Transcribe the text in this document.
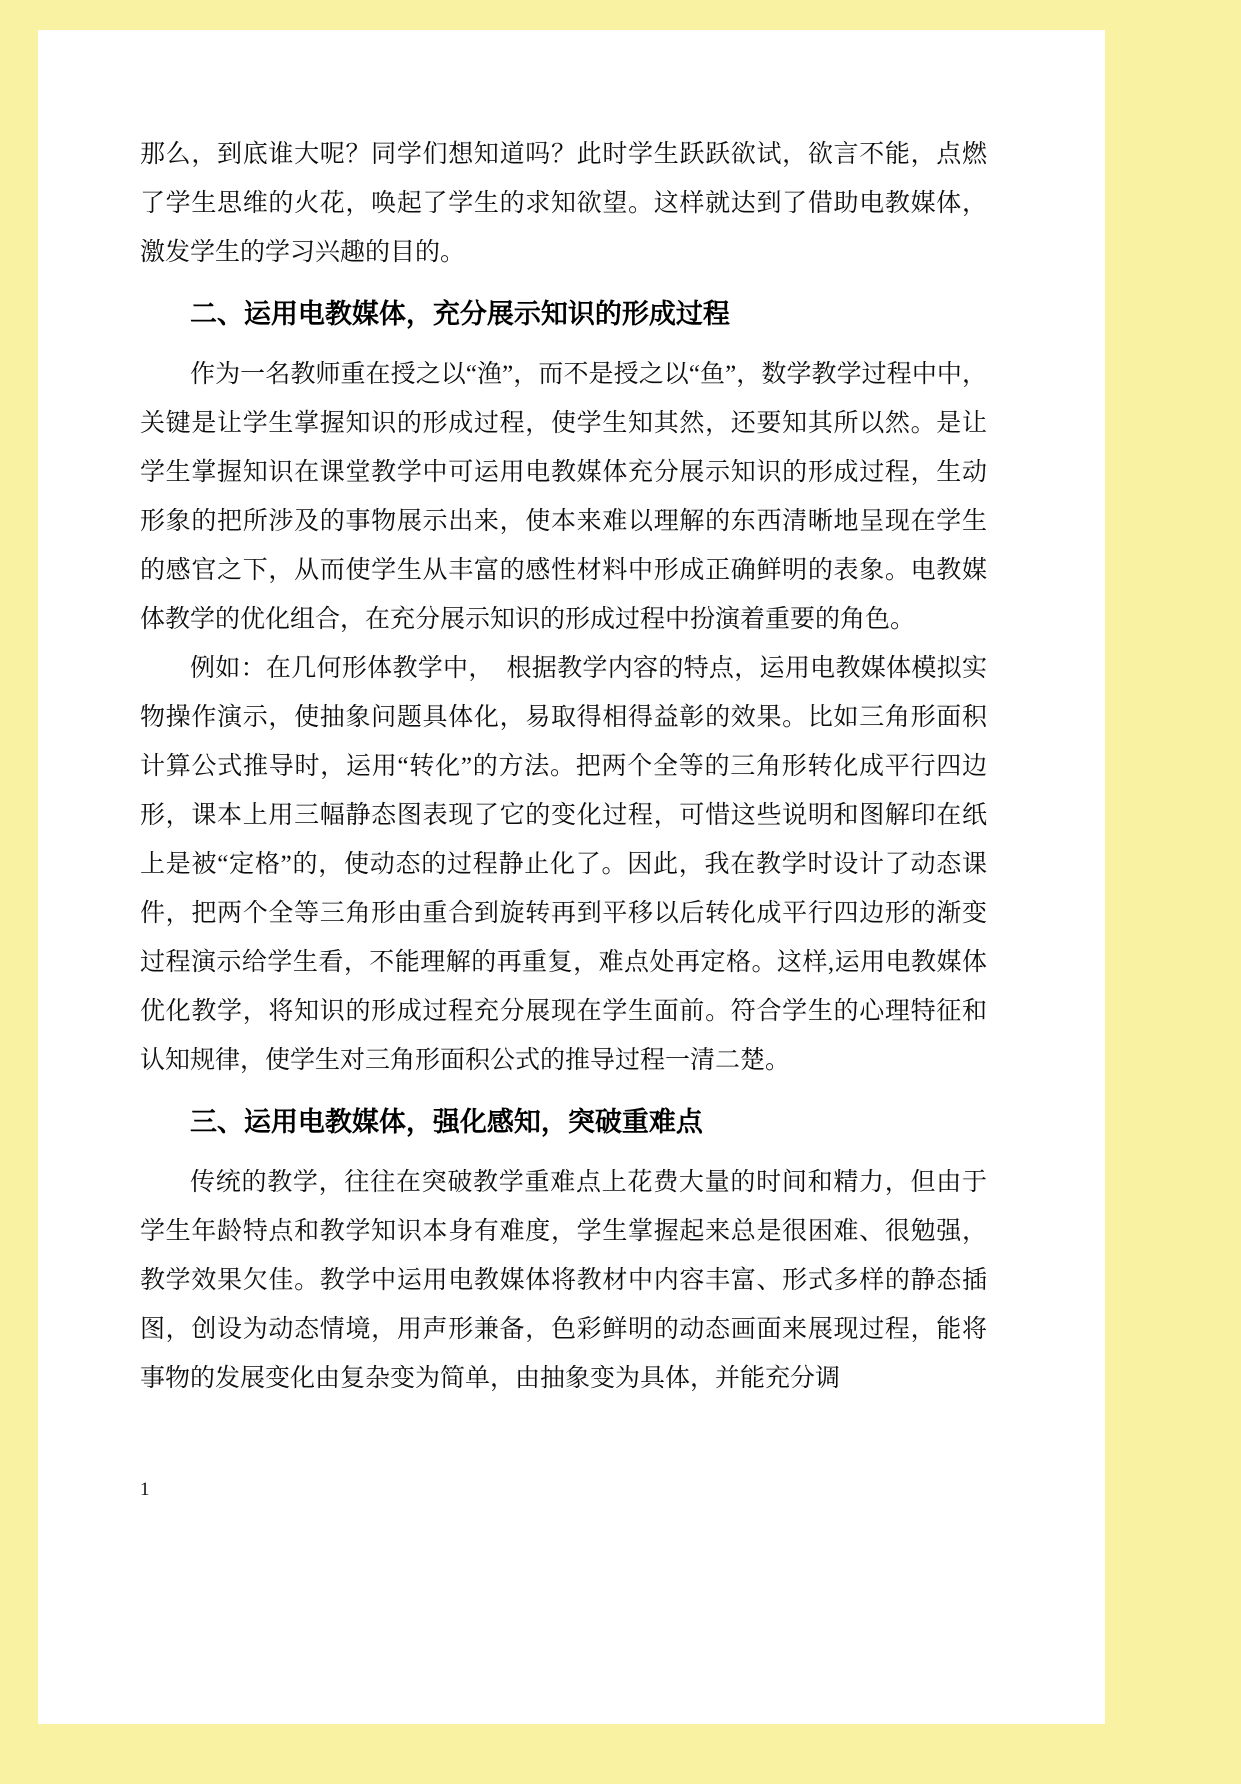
那么，到底谁大呢？同学们想知道吗？此时学生跃跃欲试，欲言不能，点燃了学生思维的火花，唤起了学生的求知欲望。这样就达到了借助电教媒体，激发学生的学习兴趣的目的。

二、运用电教媒体，充分展示知识的形成过程

作为一名教师重在授之以“渔”，而不是授之以“鱼”，数学教学过程中中，关键是让学生掌握知识的形成过程，使学生知其然，还要知其所以然。是让学生掌握知识在课堂教学中可运用电教媒体充分展示知识的形成过程，生动形象的把所涉及的事物展示出来，使本来难以理解的东西清晰地呈现在学生的感官之下，从而使学生从丰富的感性材料中形成正确鲜明的表象。电教媒体教学的优化组合，在充分展示知识的形成过程中扮演着重要的角色。

例如：在几何形体教学中，　根据教学内容的特点，运用电教媒体模拟实物操作演示，使抽象问题具体化，易取得相得益彰的效果。比如三角形面积计算公式推导时，运用“转化”的方法。把两个全等的三角形转化成平行四边形，课本上用三幅静态图表现了它的变化过程，可惜这些说明和图解印在纸上是被“定格”的，使动态的过程静止化了。因此，我在教学时设计了动态课件，把两个全等三角形由重合到旋转再到平移以后转化成平行四边形的渐变过程演示给学生看，不能理解的再重复，难点处再定格。这样,运用电教媒体优化教学，将知识的形成过程充分展现在学生面前。符合学生的心理特征和认知规律，使学生对三角形面积公式的推导过程一清二楚。

三、运用电教媒体，强化感知，突破重难点

传统的教学，往往在突破教学重难点上花费大量的时间和精力，但由于学生年龄特点和教学知识本身有难度，学生掌握起来总是很困难、很勉强，教学效果欠佳。教学中运用电教媒体将教材中内容丰富、形式多样的静态插图，创设为动态情境，用声形兼备，色彩鲜明的动态画面来展现过程，能将事物的发展变化由复杂变为简单，由抽象变为具体，并能充分调

1
